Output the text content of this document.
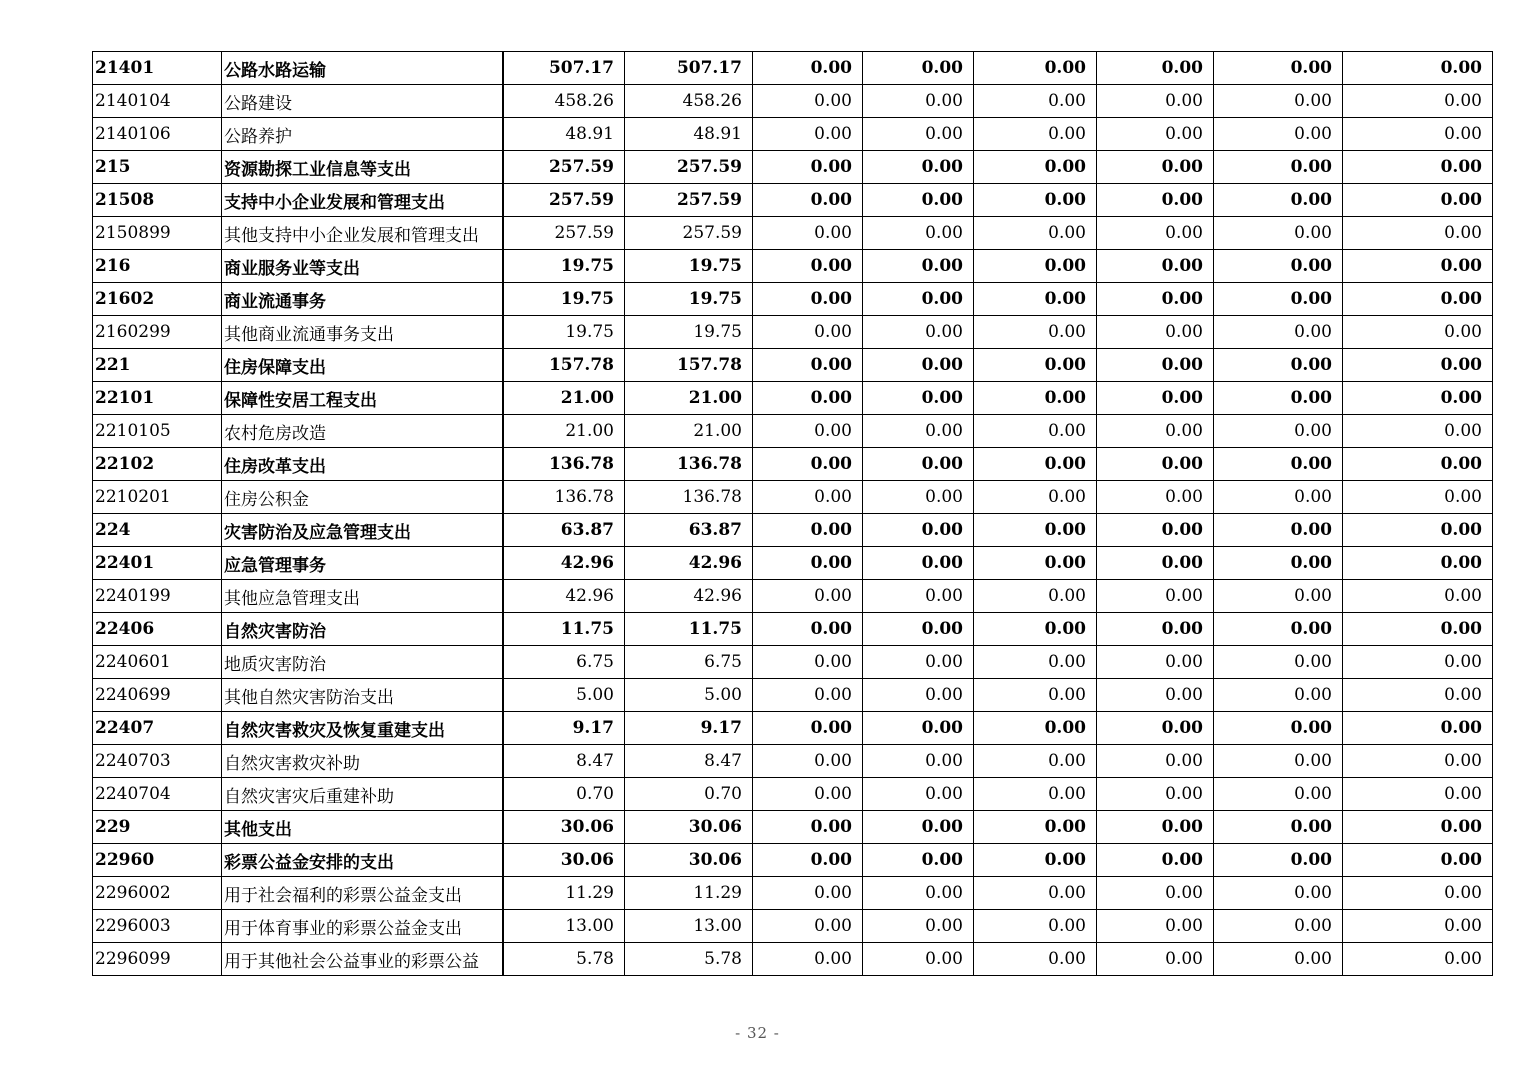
21401	公路水路运输	507.17	507.17	0.00	0.00	0.00	0.00	0.00	0.00
2140104	公路建设	458.26	458.26	0.00	0.00	0.00	0.00	0.00	0.00
2140106	公路养护	48.91	48.91	0.00	0.00	0.00	0.00	0.00	0.00
215	资源勘探工业信息等支出	257.59	257.59	0.00	0.00	0.00	0.00	0.00	0.00
21508	支持中小企业发展和管理支出	257.59	257.59	0.00	0.00	0.00	0.00	0.00	0.00
2150899	其他支持中小企业发展和管理支出	257.59	257.59	0.00	0.00	0.00	0.00	0.00	0.00
216	商业服务业等支出	19.75	19.75	0.00	0.00	0.00	0.00	0.00	0.00
21602	商业流通事务	19.75	19.75	0.00	0.00	0.00	0.00	0.00	0.00
2160299	其他商业流通事务支出	19.75	19.75	0.00	0.00	0.00	0.00	0.00	0.00
221	住房保障支出	157.78	157.78	0.00	0.00	0.00	0.00	0.00	0.00
22101	保障性安居工程支出	21.00	21.00	0.00	0.00	0.00	0.00	0.00	0.00
2210105	农村危房改造	21.00	21.00	0.00	0.00	0.00	0.00	0.00	0.00
22102	住房改革支出	136.78	136.78	0.00	0.00	0.00	0.00	0.00	0.00
2210201	住房公积金	136.78	136.78	0.00	0.00	0.00	0.00	0.00	0.00
224	灾害防治及应急管理支出	63.87	63.87	0.00	0.00	0.00	0.00	0.00	0.00
22401	应急管理事务	42.96	42.96	0.00	0.00	0.00	0.00	0.00	0.00
2240199	其他应急管理支出	42.96	42.96	0.00	0.00	0.00	0.00	0.00	0.00
22406	自然灾害防治	11.75	11.75	0.00	0.00	0.00	0.00	0.00	0.00
2240601	地质灾害防治	6.75	6.75	0.00	0.00	0.00	0.00	0.00	0.00
2240699	其他自然灾害防治支出	5.00	5.00	0.00	0.00	0.00	0.00	0.00	0.00
22407	自然灾害救灾及恢复重建支出	9.17	9.17	0.00	0.00	0.00	0.00	0.00	0.00
2240703	自然灾害救灾补助	8.47	8.47	0.00	0.00	0.00	0.00	0.00	0.00
2240704	自然灾害灾后重建补助	0.70	0.70	0.00	0.00	0.00	0.00	0.00	0.00
229	其他支出	30.06	30.06	0.00	0.00	0.00	0.00	0.00	0.00
22960	彩票公益金安排的支出	30.06	30.06	0.00	0.00	0.00	0.00	0.00	0.00
2296002	用于社会福利的彩票公益金支出	11.29	11.29	0.00	0.00	0.00	0.00	0.00	0.00
2296003	用于体育事业的彩票公益金支出	13.00	13.00	0.00	0.00	0.00	0.00	0.00	0.00
2296099	用于其他社会公益事业的彩票公益	5.78	5.78	0.00	0.00	0.00	0.00	0.00	0.00
- 32 -
